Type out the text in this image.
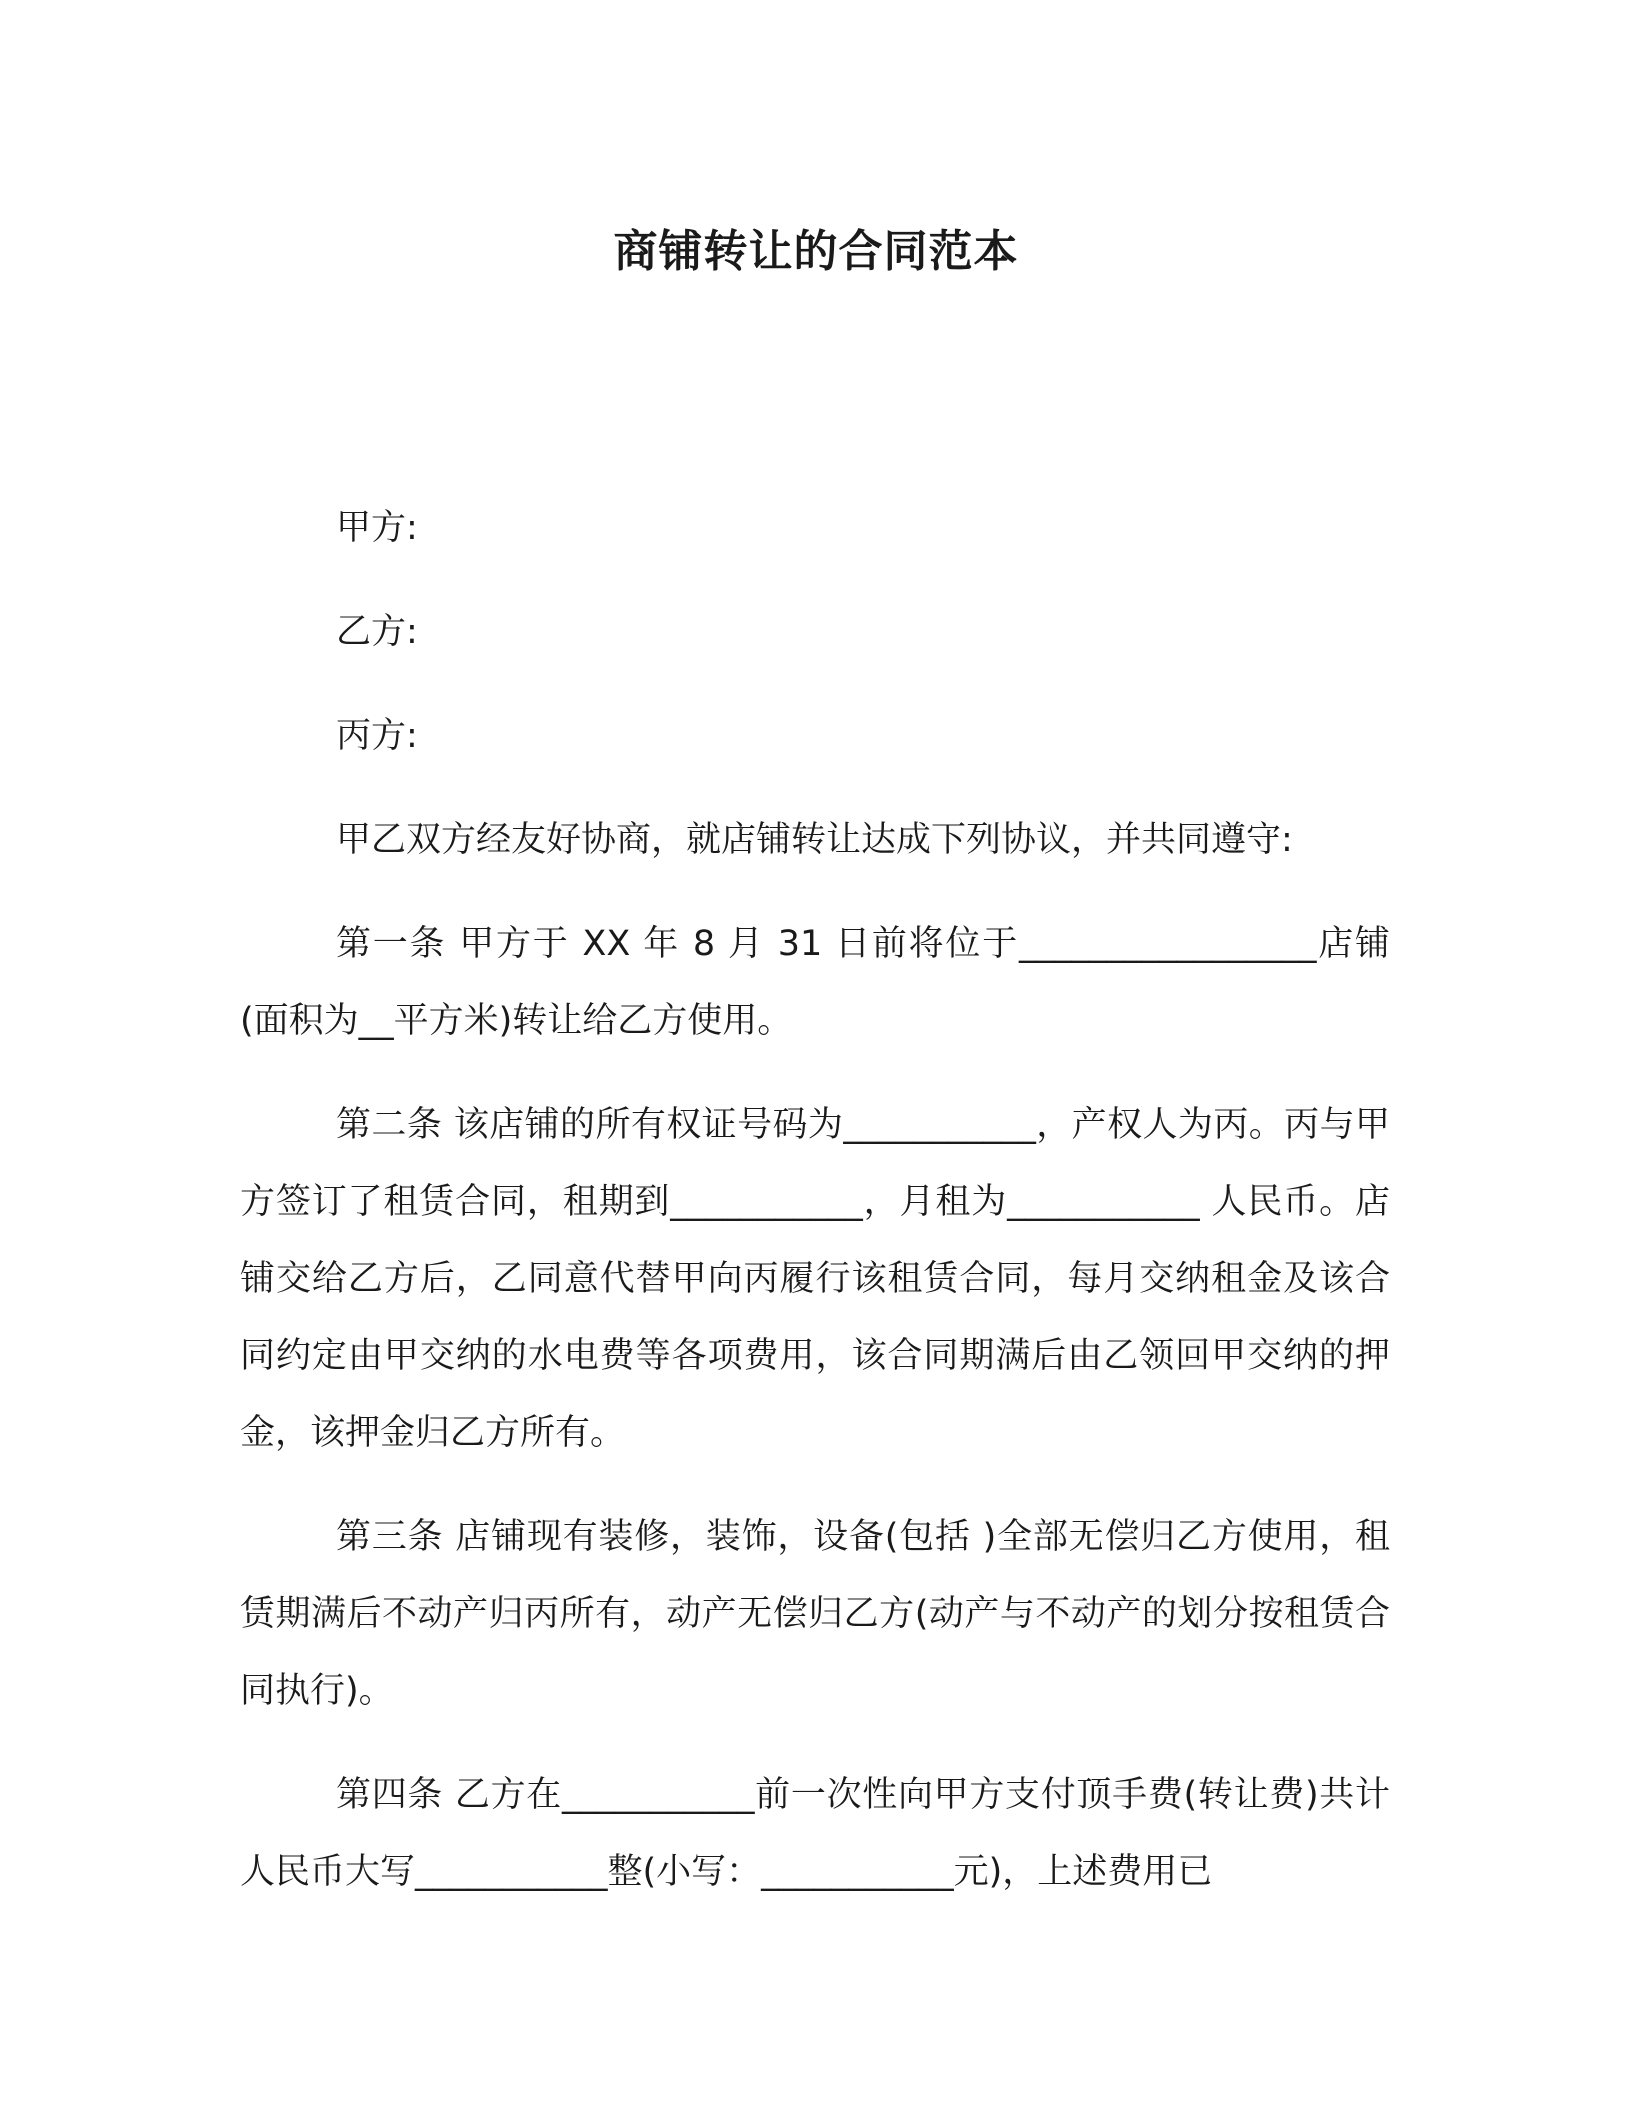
商铺转让的合同范本

甲方:

乙方:

丙方:

甲乙双方经友好协商，就店铺转让达成下列协议，并共同遵守:

第一条 甲方于 XX 年 8 月 31 日前将位于_________________店铺(面积为__平方米)转让给乙方使用。

第二条 该店铺的所有权证号码为___________，产权人为丙。丙与甲方签订了租赁合同，租期到___________，月租为___________ 人民币。店铺交给乙方后，乙同意代替甲向丙履行该租赁合同，每月交纳租金及该合同约定由甲交纳的水电费等各项费用，该合同期满后由乙领回甲交纳的押金，该押金归乙方所有。

第三条 店铺现有装修，装饰，设备(包括 )全部无偿归乙方使用，租赁期满后不动产归丙所有，动产无偿归乙方(动产与不动产的划分按租赁合同执行)。

第四条 乙方在___________前一次性向甲方支付顶手费(转让费)共计人民币大写___________整(小写：___________元)，上述费用已
